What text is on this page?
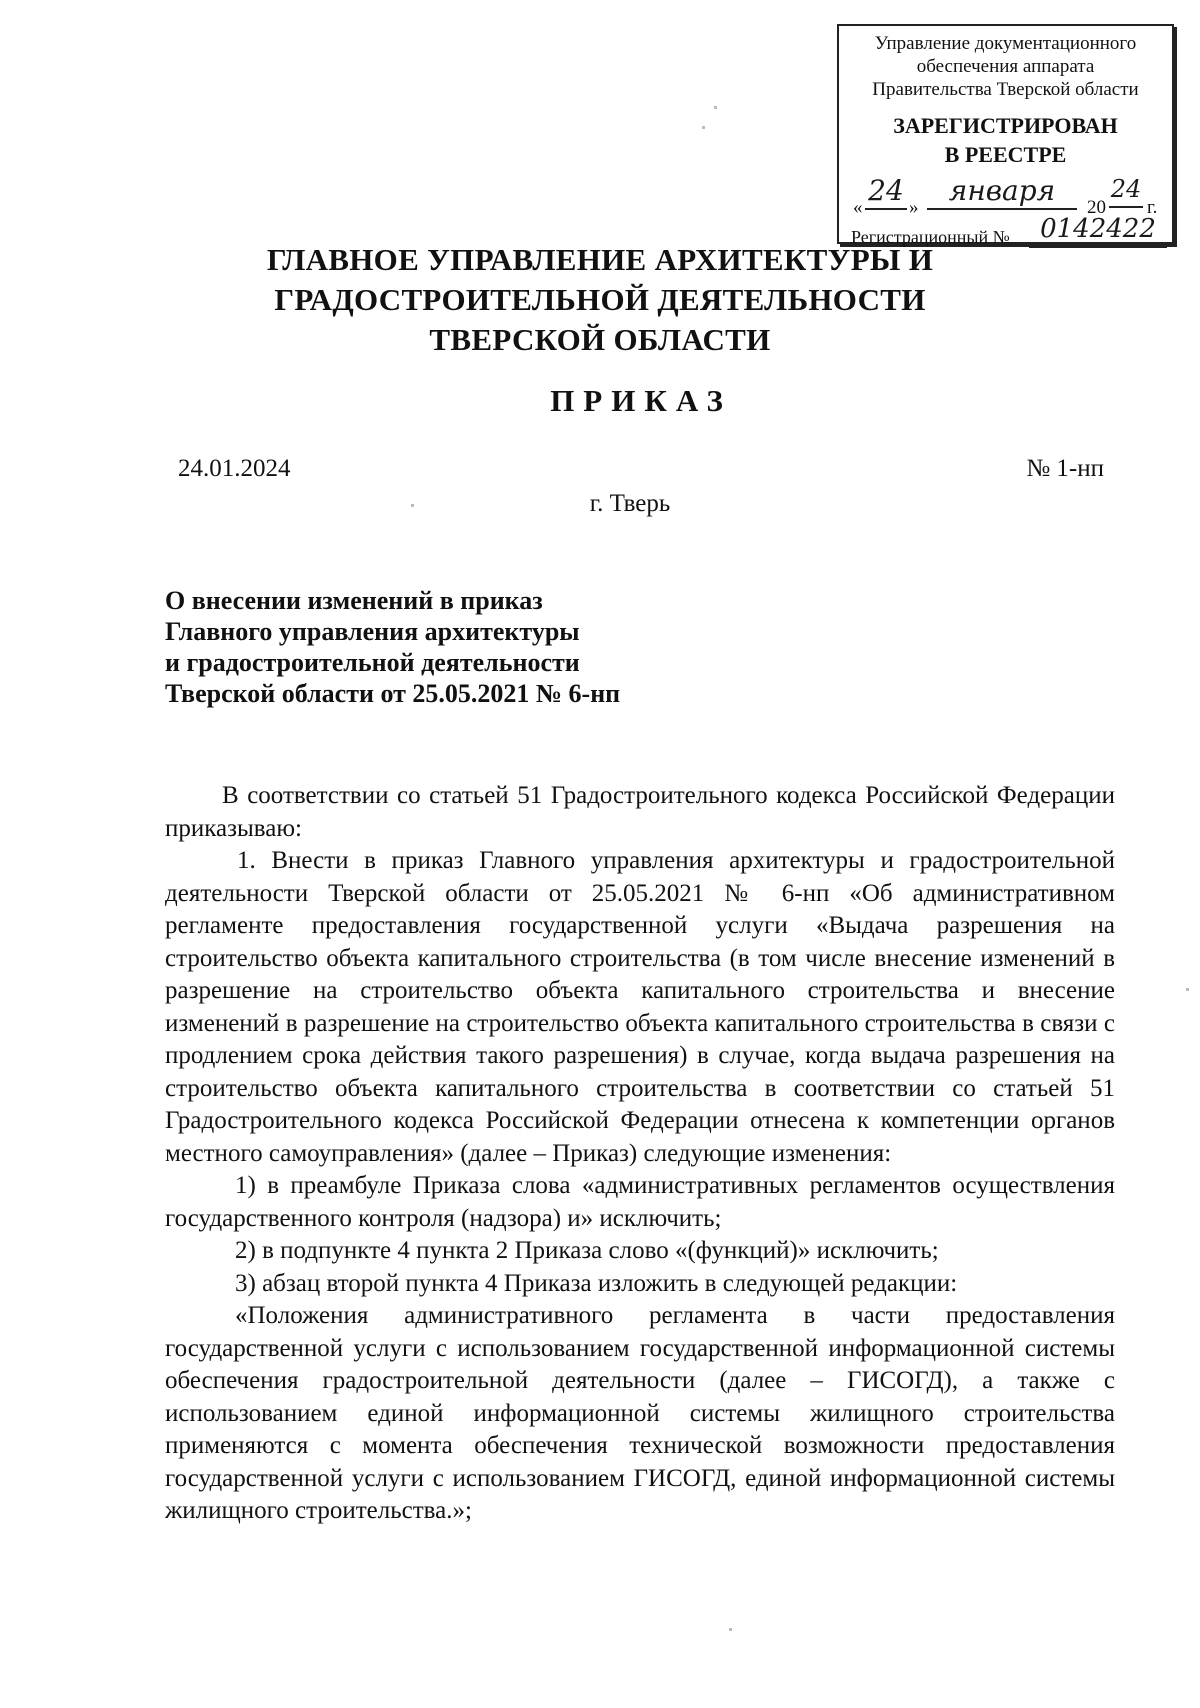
Управление документационного
обеспечения аппарата
Правительства Тверской области
ЗАРЕГИСТРИРОВАН
В РЕЕСТРЕ
«
24
»
января
20
24
г.
Регистрационный №	0142422
ГЛАВНОЕ УПРАВЛЕНИЕ АРХИТЕКТУРЫ И
ГРАДОСТРОИТЕЛЬНОЙ ДЕЯТЕЛЬНОСТИ
ТВЕРСКОЙ ОБЛАСТИ
ПРИКАЗ
24.01.2024	№ 1-нп
г. Тверь
О внесении изменений в приказ
Главного управления архитектуры
и градостроительной деятельности
Тверской области от 25.05.2021 № 6-нп

В соответствии со статьей 51 Градостроительного кодекса Российской Федерации приказываю:

1. Внести в приказ Главного управления архитектуры и градостроительной деятельности Тверской области от 25.05.2021 № 6-нп «Об административном регламенте предоставления государственной услуги «Выдача разрешения на строительство объекта капитального строительства (в том числе внесение изменений в разрешение на строительство объекта капитального строительства и внесение изменений в разрешение на строительство объекта капитального строительства в связи с продлением срока действия такого разрешения) в случае, когда выдача разрешения на строительство объекта капитального строительства в соответствии со статьей 51 Градостроительного кодекса Российской Федерации отнесена к компетенции органов местного самоуправления» (далее – Приказ) следующие изменения:

1) в преамбуле Приказа слова «административных регламентов осуществления государственного контроля (надзора) и» исключить;

2) в подпункте 4 пункта 2 Приказа слово «(функций)» исключить;

3) абзац второй пункта 4 Приказа изложить в следующей редакции:

«Положения административного регламента в части предоставления государственной услуги с использованием государственной информационной системы обеспечения градостроительной деятельности (далее – ГИСОГД), а также с использованием единой информационной системы жилищного строительства применяются с момента обеспечения технической возможности предоставления государственной услуги с использованием ГИСОГД, единой информационной системы жилищного строительства.»;
